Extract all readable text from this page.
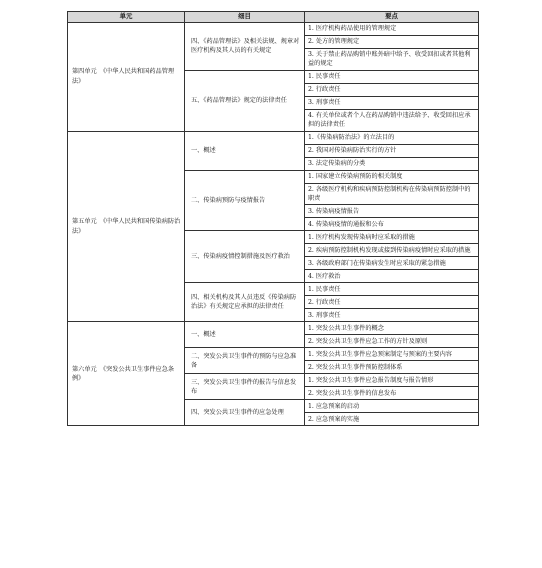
单元	细目	要点
第四单元　《中华人民共和国药品管理法》	四、《药品管理法》及相关法规、规章对医疗机构及其人员的有关规定	1. 医疗机构药品使用的管理规定
		2. 处方的管理规定
		3. 关于禁止药品购销中账外暗中给予、收受回扣或者其他利益的规定
	五、《药品管理法》规定的法律责任	1. 民事责任
		2. 行政责任
		3. 刑事责任
		4. 有关单位或者个人在药品购销中违法给予、收受回扣应承担的法律责任
第五单元　《中华人民共和国传染病防治法》	一、概述	1.《传染病防治法》的立法目的
		2. 我国对传染病防治实行的方针
		3. 法定传染病的分类
	二、传染病预防与疫情报告	1. 国家建立传染病预防的相关制度
		2. 各级医疗机构和疾病预防控制机构在传染病预防控制中的职责
		3. 传染病疫情报告
		4. 传染病疫情的通报和公布
	三、传染病疫情控制措施及医疗救治	1. 医疗机构发现传染病时应采取的措施
		2. 疾病预防控制机构发现或接到传染病疫情时应采取的措施
		3. 各级政府部门在传染病发生时应采取的紧急措施
		4. 医疗救治
	四、相关机构及其人员违反《传染病防治法》有关规定应承担的法律责任	1. 民事责任
		2. 行政责任
		3. 刑事责任
第六单元　《突发公共卫生事件应急条例》	一、概述	1. 突发公共卫生事件的概念
		2. 突发公共卫生事件应急工作的方针及原则
	二、突发公共卫生事件的预防与应急准备	1. 突发公共卫生事件应急预案制定与预案的主要内容
		2. 突发公共卫生事件预防控制体系
	三、突发公共卫生事件的报告与信息发布	1. 突发公共卫生事件应急报告制度与报告情形
		2. 突发公共卫生事件的信息发布
	四、突发公共卫生事件的应急处理	1. 应急预案的启动
		2. 应急预案的实施
